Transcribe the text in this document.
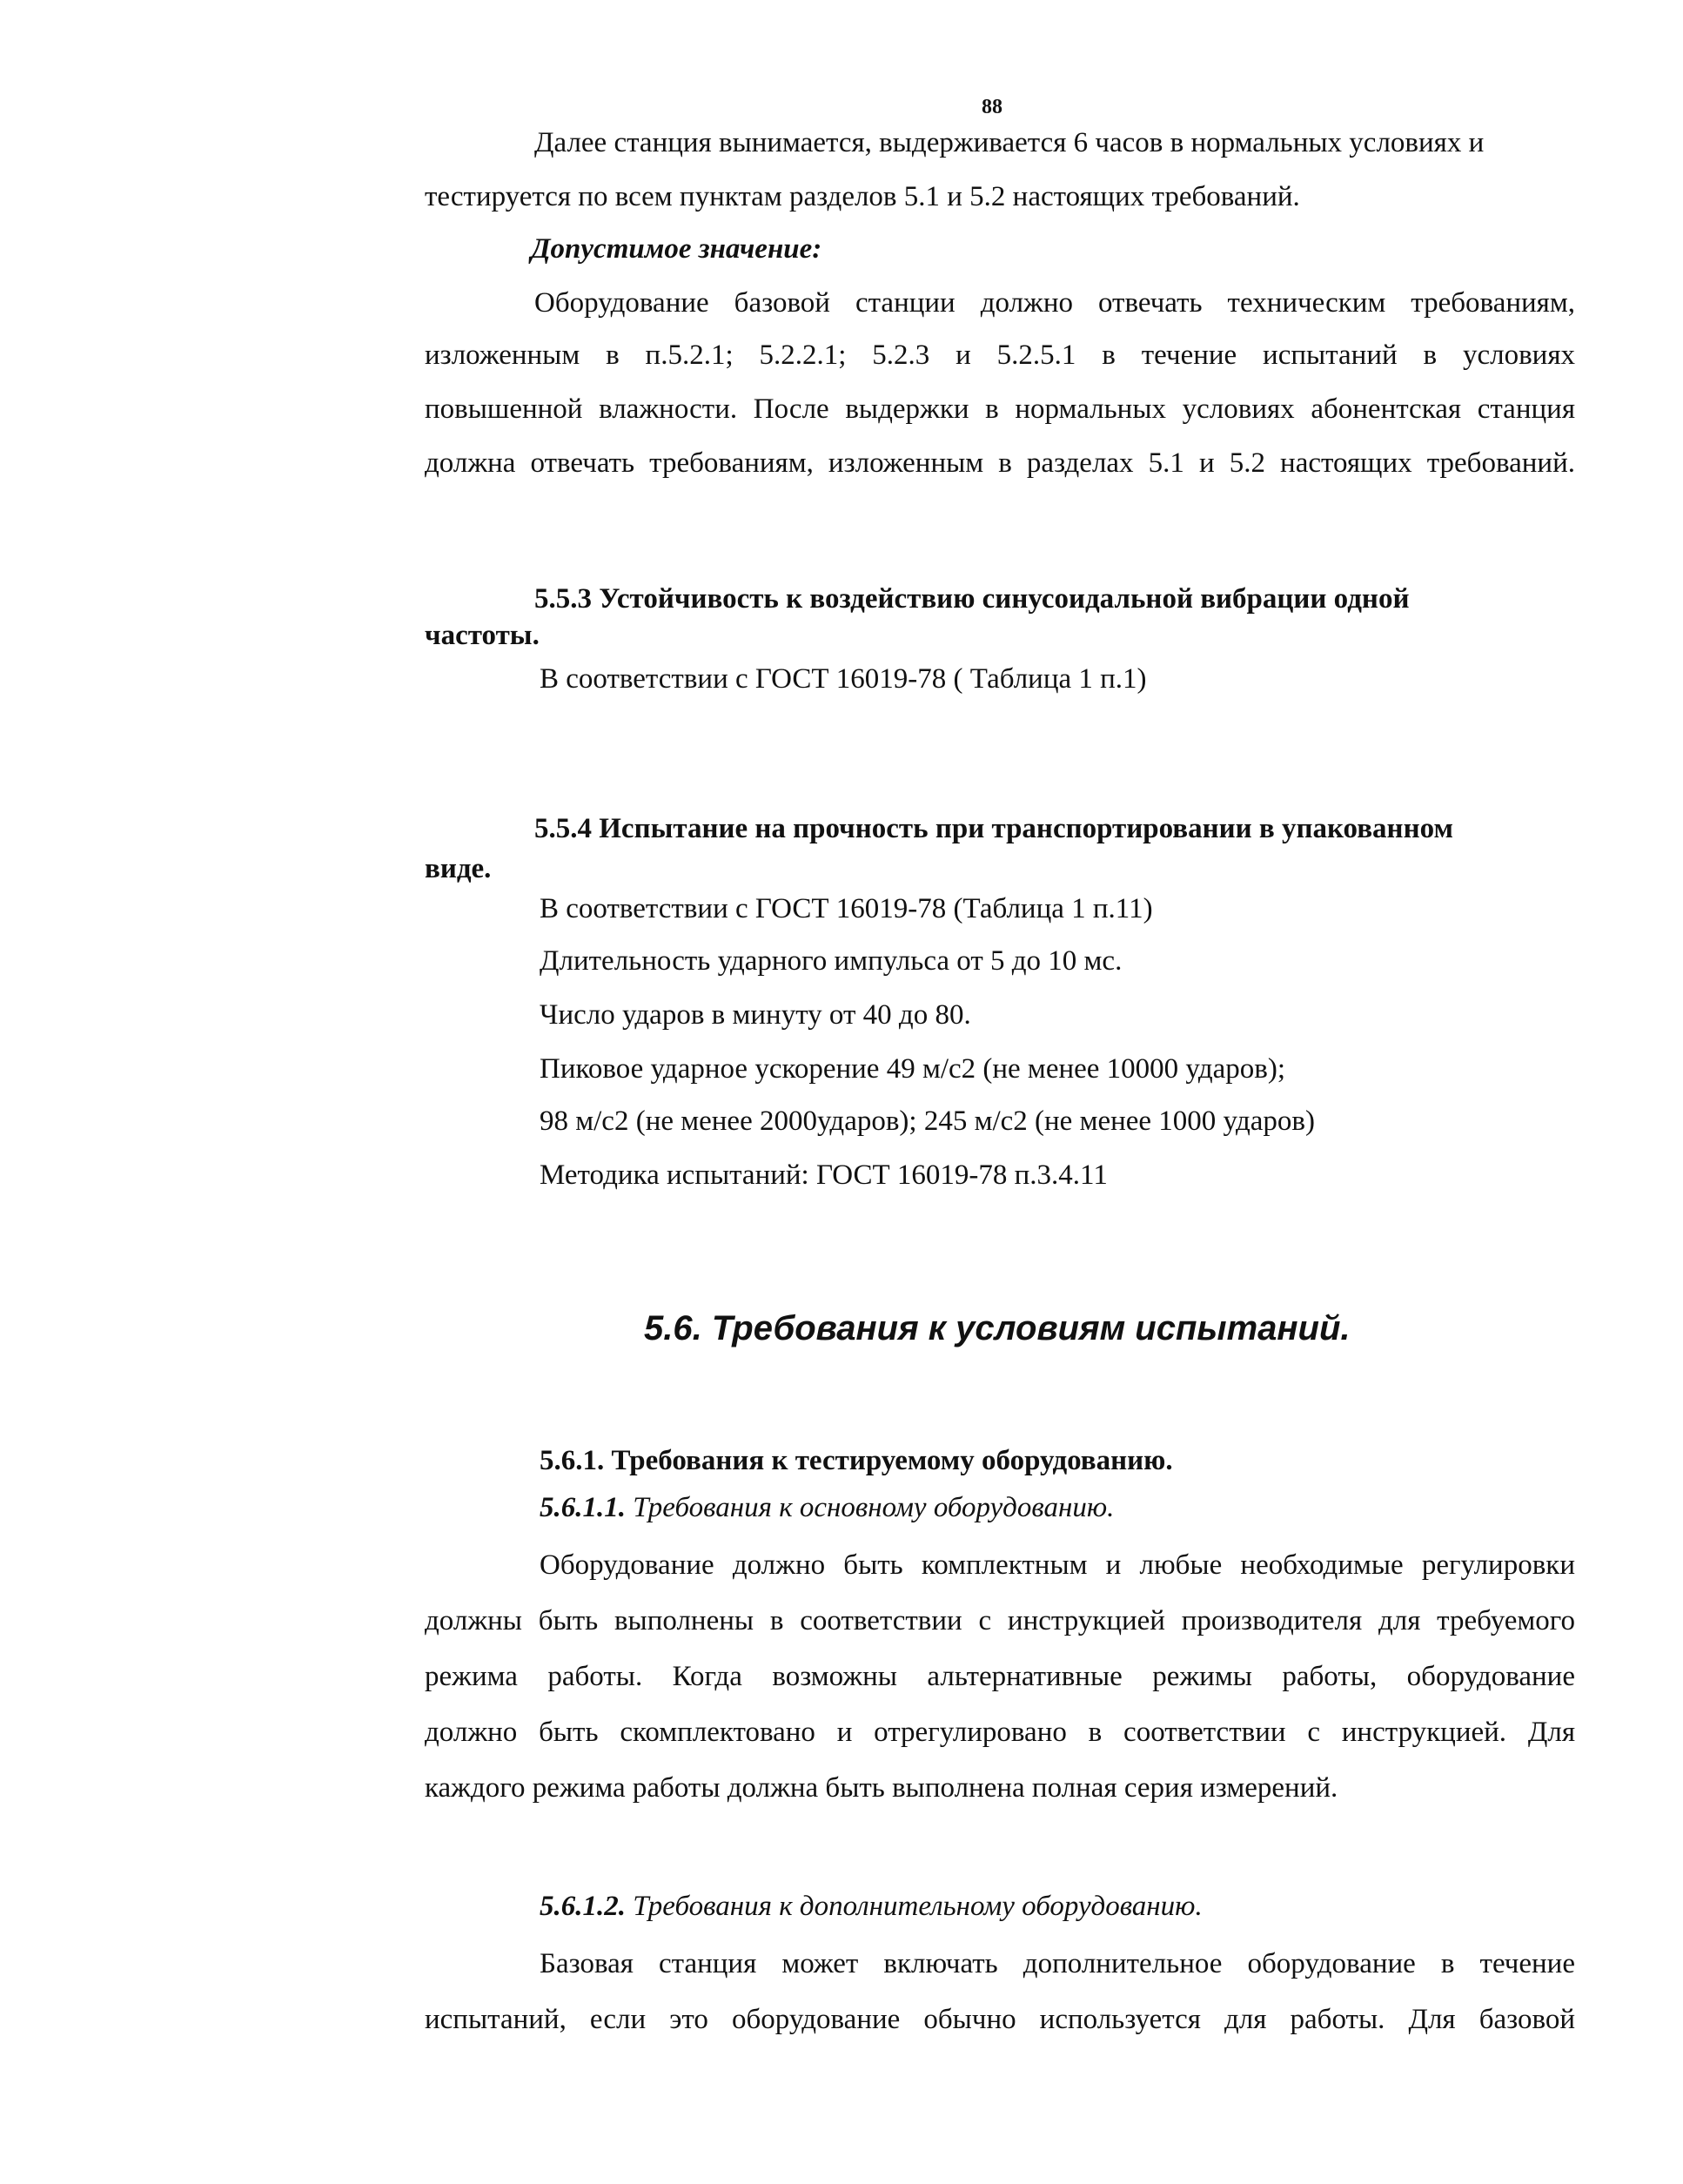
88
Далее станция вынимается, выдерживается 6 часов в нормальных условиях и
тестируется по всем пунктам разделов 5.1 и 5.2 настоящих требований.
Допустимое значение:
Оборудование базовой станции должно отвечать техническим требованиям,
изложенным в п.5.2.1; 5.2.2.1; 5.2.3 и 5.2.5.1 в течение испытаний в условиях
повышенной влажности. После выдержки в нормальных условиях абонентская станция
должна отвечать требованиям, изложенным в разделах 5.1 и 5.2 настоящих требований.
5.5.3 Устойчивость к воздействию синусоидальной вибрации одной
частоты.
В соответствии с ГОСТ 16019-78 ( Таблица 1 п.1)
5.5.4 Испытание на прочность при транспортировании в упакованном
виде.
В соответствии с ГОСТ 16019-78 (Таблица 1 п.11)
Длительность ударного импульса от 5 до 10 мс.
Число ударов в минуту от 40 до 80.
Пиковое ударное ускорение 49 м/с2 (не менее 10000 ударов);
98 м/с2 (не менее 2000ударов); 245 м/с2 (не менее 1000 ударов)
Методика испытаний: ГОСТ 16019-78 п.3.4.11
5.6. Требования к условиям испытаний.
5.6.1. Требования к тестируемому оборудованию.
5.6.1.1. Требования к основному оборудованию.
Оборудование должно быть комплектным и любые необходимые регулировки
должны быть выполнены в соответствии с инструкцией производителя для требуемого
режима работы. Когда возможны альтернативные режимы работы, оборудование
должно быть скомплектовано и отрегулировано в соответствии с инструкцией. Для
каждого режима работы должна быть выполнена полная серия измерений.
5.6.1.2. Требования к дополнительному оборудованию.
Базовая станция может включать дополнительное оборудование в течение
испытаний, если это оборудование обычно используется для работы. Для базовой
